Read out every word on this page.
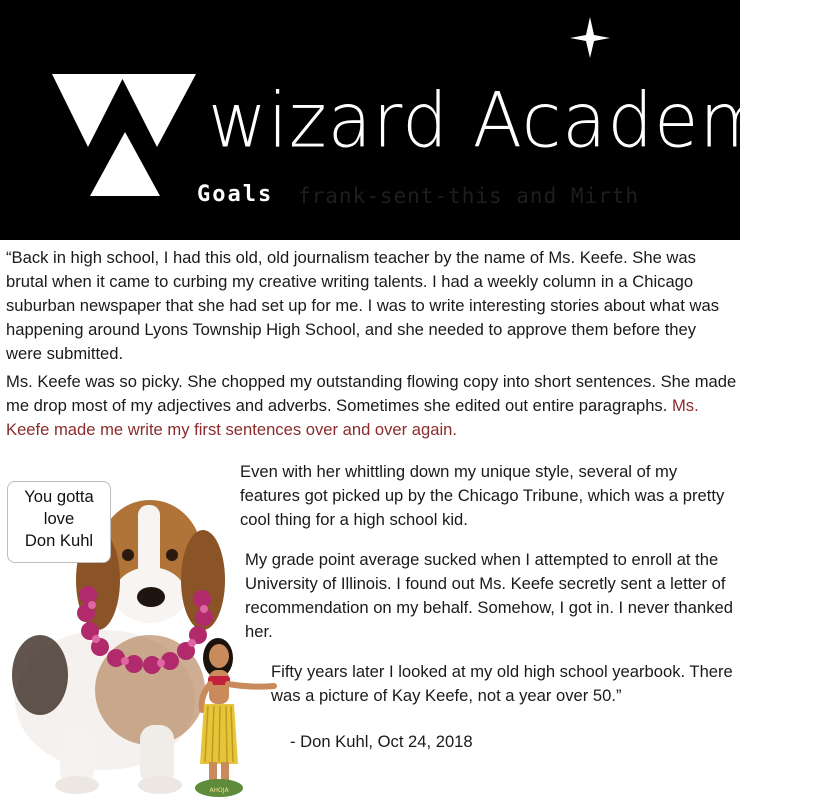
wizard Academy
Goals frank-sent-this and Mirth

“Back in high school, I had this old, old journalism teacher by the name of Ms. Keefe. She was brutal when it came to curbing my creative writing talents. I had a weekly column in a Chicago suburban newspaper that she had set up for me. I was to write interesting stories about what was happening around Lyons Township High School, and she needed to approve them before they were submitted.

Ms. Keefe was so picky. She chopped my outstanding flowing copy into short sentences. She made me drop most of my adjectives and adverbs. Sometimes she edited out entire paragraphs. Ms. Keefe made me write my first sentences over and over again.

You gotta
love
Don Kuhl
AHOJA

Even with her whittling down my unique style, several of my features got picked up by the Chicago Tribune, which was a pretty cool thing for a high school kid.

My grade point average sucked when I attempted to enroll at the University of Illinois. I found out Ms. Keefe secretly sent a letter of recommendation on my behalf. Somehow, I got in. I never thanked her.

Fifty years later I looked at my old high school yearbook. There was a picture of Kay Keefe, not a year over 50.”

- Don Kuhl, Oct 24, 2018
